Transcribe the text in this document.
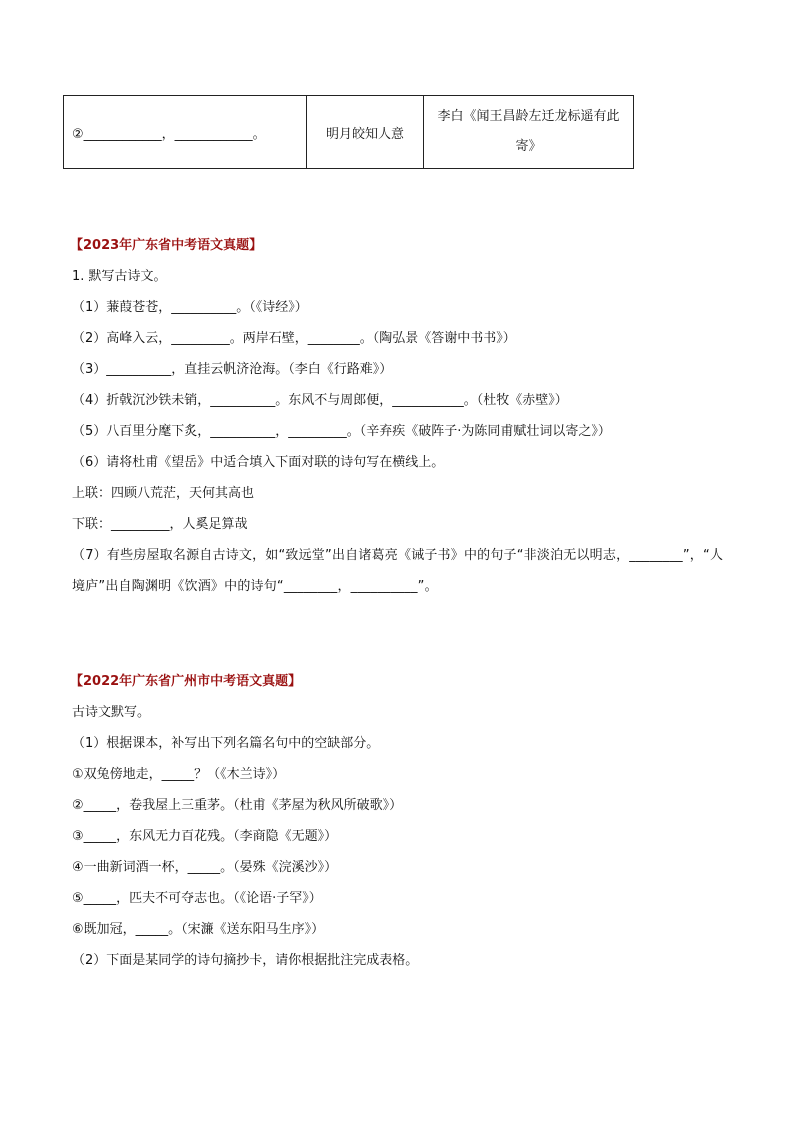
②____________，____________。	明月皎知人意	李白《闻王昌龄左迁龙标遥有此寄》
【2023年广东省中考语文真题】
1. 默写古诗文。
（1）蒹葭苍苍，__________。（《诗经》）
（2）高峰入云，_________。两岸石壁，________。（陶弘景《答谢中书书》）
（3）__________，直挂云帆济沧海。（李白《行路难》）
（4）折戟沉沙铁未销，__________。东风不与周郎便，___________。（杜牧《赤壁》）
（5）八百里分麾下炙，__________，_________。（辛弃疾《破阵子·为陈同甫赋壮词以寄之》）
（6）请将杜甫《望岳》中适合填入下面对联的诗句写在横线上。
上联：四顾八荒茫，天何其高也
下联：_________，人奚足算哉
（7）有些房屋取名源自古诗文，如“致远堂”出自诸葛亮《诫子书》中的句子“非淡泊无以明志，________”，“人境庐”出自陶渊明《饮酒》中的诗句“________，__________”。
【2022年广东省广州市中考语文真题】
古诗文默写。
（1）根据课本，补写出下列名篇名句中的空缺部分。
①双兔傍地走，_____？（《木兰诗》）
②_____，卷我屋上三重茅。（杜甫《茅屋为秋风所破歌》）
③_____，东风无力百花残。（李商隐《无题》）
④一曲新词酒一杯，_____。（晏殊《浣溪沙》）
⑤_____，匹夫不可夺志也。（《论语·子罕》）
⑥既加冠，_____。（宋濂《送东阳马生序》）
（2）下面是某同学的诗句摘抄卡，请你根据批注完成表格。
